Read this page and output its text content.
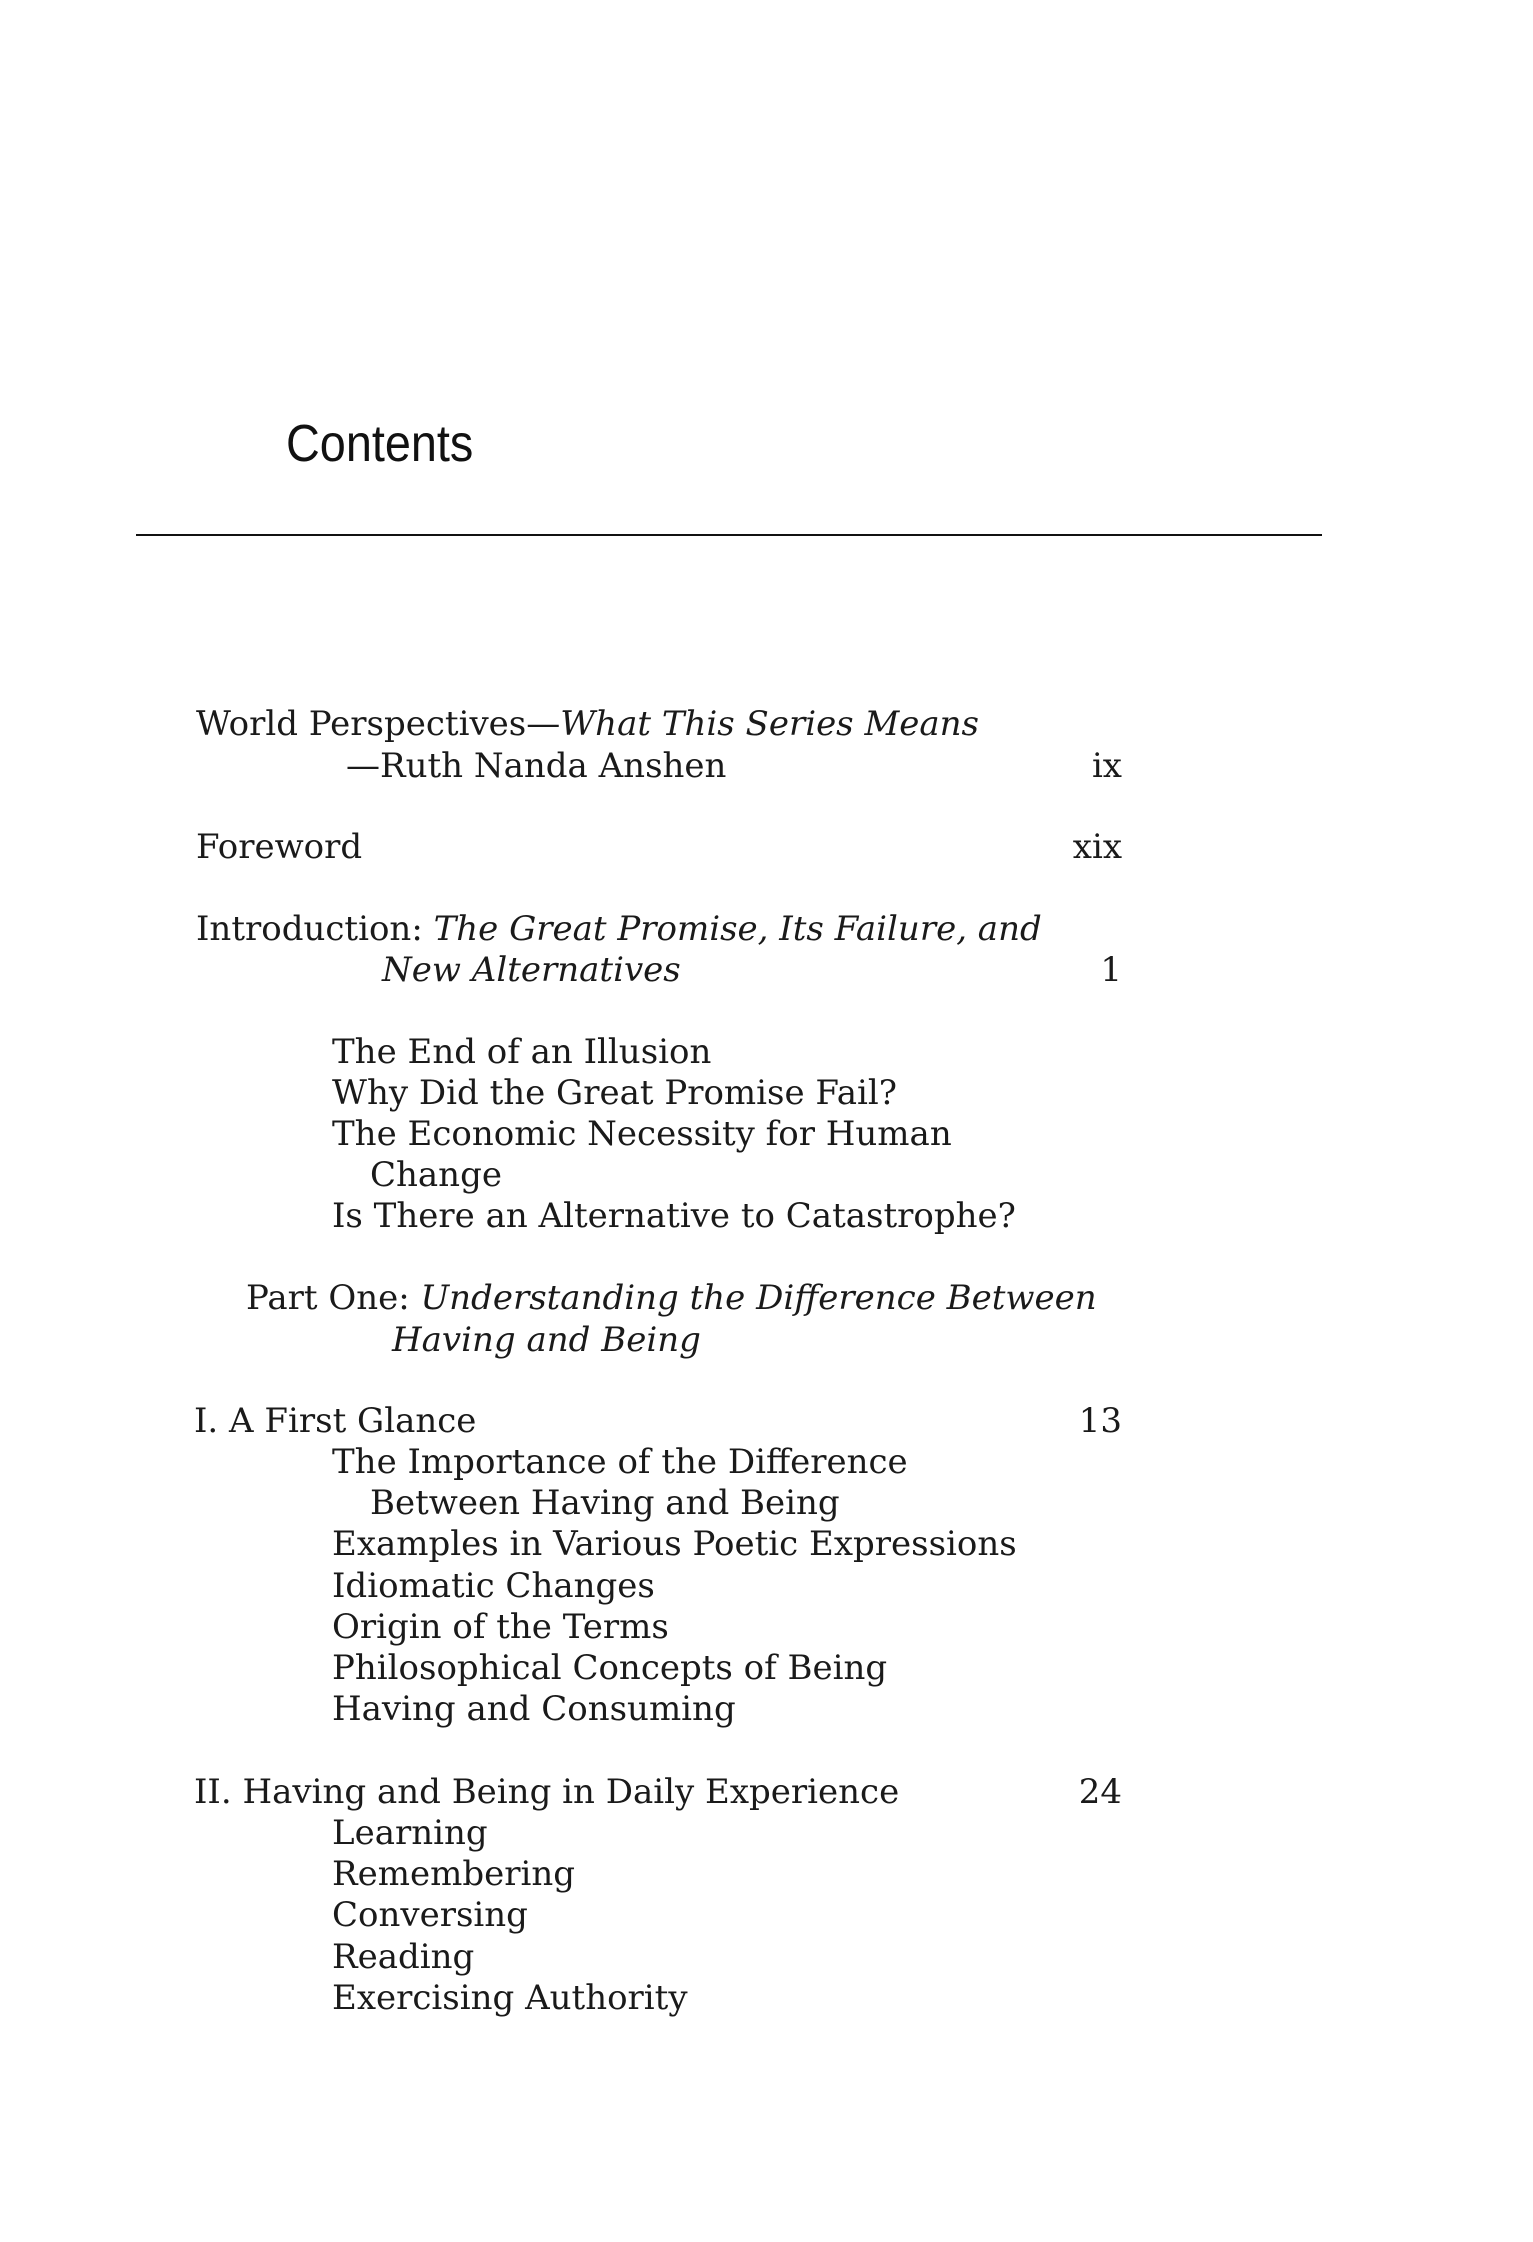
Contents
World Perspectives—What This Series Means
—Ruth Nanda Anshen	ix
Foreword	xix
Introduction: The Great Promise, Its Failure, and
New Alternatives	1
The End of an Illusion
Why Did the Great Promise Fail?
The Economic Necessity for Human
Change
Is There an Alternative to Catastrophe?
Part One: Understanding the Difference Between
Having and Being
I. A First Glance	13
The Importance of the Difference
Between Having and Being
Examples in Various Poetic Expressions
Idiomatic Changes
Origin of the Terms
Philosophical Concepts of Being
Having and Consuming
II. Having and Being in Daily Experience	24
Learning
Remembering
Conversing
Reading
Exercising Authority
